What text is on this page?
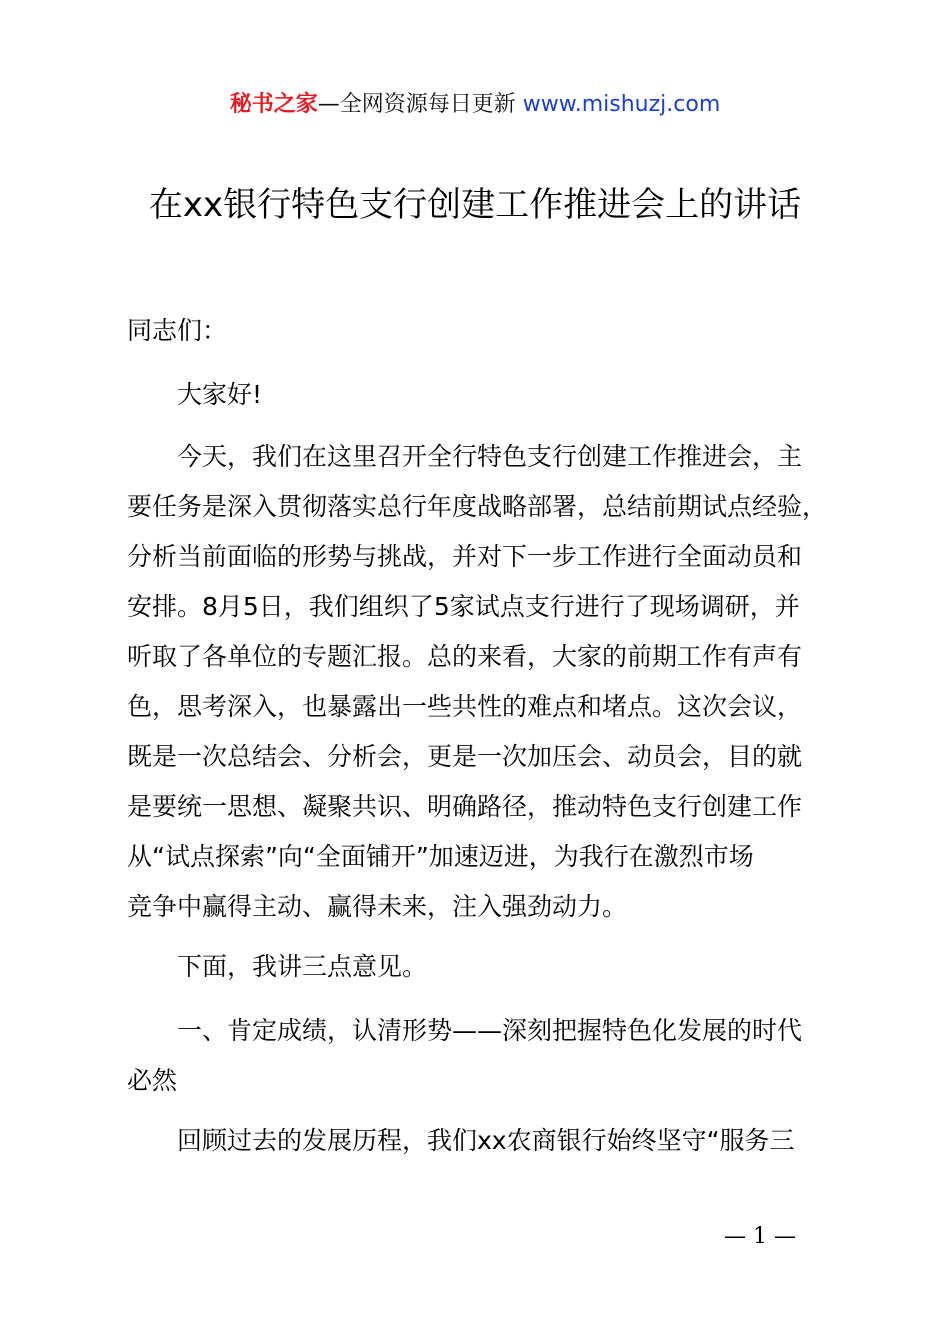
秘书之家—全网资源每日更新 www.mishuzj.com
在xx银行特色支行创建工作推进会上的讲话
同志们：
大家好!
今天，我们在这里召开全行特色支行创建工作推进会，主
要任务是深入贯彻落实总行年度战略部署，总结前期试点经验，
分析当前面临的形势与挑战，并对下一步工作进行全面动员和
安排。8月5日，我们组织了5家试点支行进行了现场调研，并
听取了各单位的专题汇报。总的来看，大家的前期工作有声有
色，思考深入，也暴露出一些共性的难点和堵点。这次会议，
既是一次总结会、分析会，更是一次加压会、动员会，目的就
是要统一思想、凝聚共识、明确路径，推动特色支行创建工作
从“试点探索”向“全面铺开”加速迈进，为我行在激烈市场
竞争中赢得主动、赢得未来，注入强劲动力。
下面，我讲三点意见。
一、肯定成绩，认清形势——深刻把握特色化发展的时代
必然
回顾过去的发展历程，我们xx农商银行始终坚守“服务三
— 1 —
